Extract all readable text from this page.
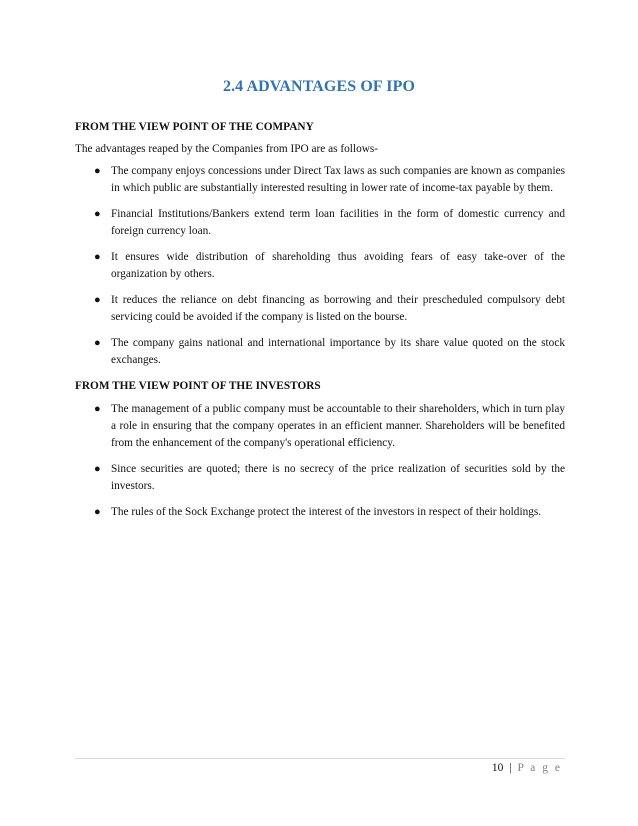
2.4 ADVANTAGES OF IPO

FROM THE VIEW POINT OF THE COMPANY

The advantages reaped by the Companies from IPO are as follows-

● The company enjoys concessions under Direct Tax laws as such companies are known as companies in which public are substantially interested resulting in lower rate of income-tax payable by them.
● Financial Institutions/Bankers extend term loan facilities in the form of domestic currency and foreign currency loan.
● It ensures wide distribution of shareholding thus avoiding fears of easy take-over of the organization by others.
● It reduces the reliance on debt financing as borrowing and their prescheduled compulsory debt servicing could be avoided if the company is listed on the bourse.
● The company gains national and international importance by its share value quoted on the stock exchanges.

FROM THE VIEW POINT OF THE INVESTORS

● The management of a public company must be accountable to their shareholders, which in turn play a role in ensuring that the company operates in an efficient manner. Shareholders will be benefited from the enhancement of the company's operational efficiency.
● Since securities are quoted; there is no secrecy of the price realization of securities sold by the investors.
● The rules of the Sock Exchange protect the interest of the investors in respect of their holdings.
10 | P a g e
